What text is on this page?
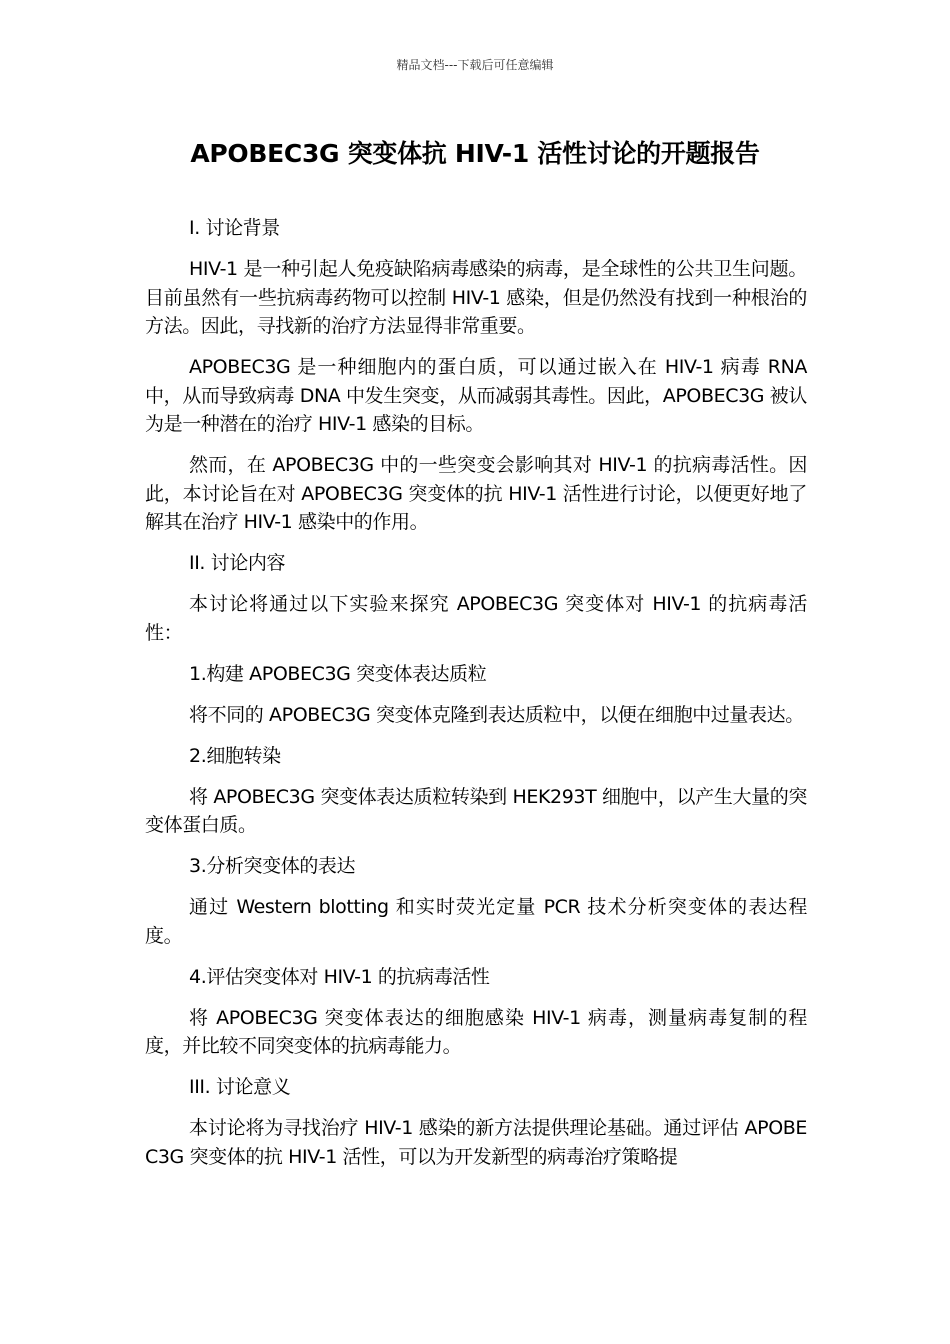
精品文档---下载后可任意编辑
APOBEC3G 突变体抗 HIV-1 活性讨论的开题报告

I. 讨论背景

HIV-1 是一种引起人免疫缺陷病毒感染的病毒，是全球性的公共卫生问题。目前虽然有一些抗病毒药物可以控制 HIV-1 感染，但是仍然没有找到一种根治的方法。因此，寻找新的治疗方法显得非常重要。

APOBEC3G 是一种细胞内的蛋白质，可以通过嵌入在 HIV-1 病毒 RNA 中，从而导致病毒 DNA 中发生突变，从而减弱其毒性。因此，APOBEC3G 被认为是一种潜在的治疗 HIV-1 感染的目标。

然而，在 APOBEC3G 中的一些突变会影响其对 HIV-1 的抗病毒活性。因此，本讨论旨在对 APOBEC3G 突变体的抗 HIV-1 活性进行讨论，以便更好地了解其在治疗 HIV-1 感染中的作用。

II. 讨论内容

本讨论将通过以下实验来探究 APOBEC3G 突变体对 HIV-1 的抗病毒活性：

1.构建 APOBEC3G 突变体表达质粒

将不同的 APOBEC3G 突变体克隆到表达质粒中，以便在细胞中过量表达。

2.细胞转染

将 APOBEC3G 突变体表达质粒转染到 HEK293T 细胞中，以产生大量的突变体蛋白质。

3.分析突变体的表达

通过 Western blotting 和实时荧光定量 PCR 技术分析突变体的表达程度。

4.评估突变体对 HIV-1 的抗病毒活性

将 APOBEC3G 突变体表达的细胞感染 HIV-1 病毒，测量病毒复制的程度，并比较不同突变体的抗病毒能力。

III. 讨论意义

本讨论将为寻找治疗 HIV-1 感染的新方法提供理论基础。通过评估 APOBEC3G 突变体的抗 HIV-1 活性，可以为开发新型的病毒治疗策略提
